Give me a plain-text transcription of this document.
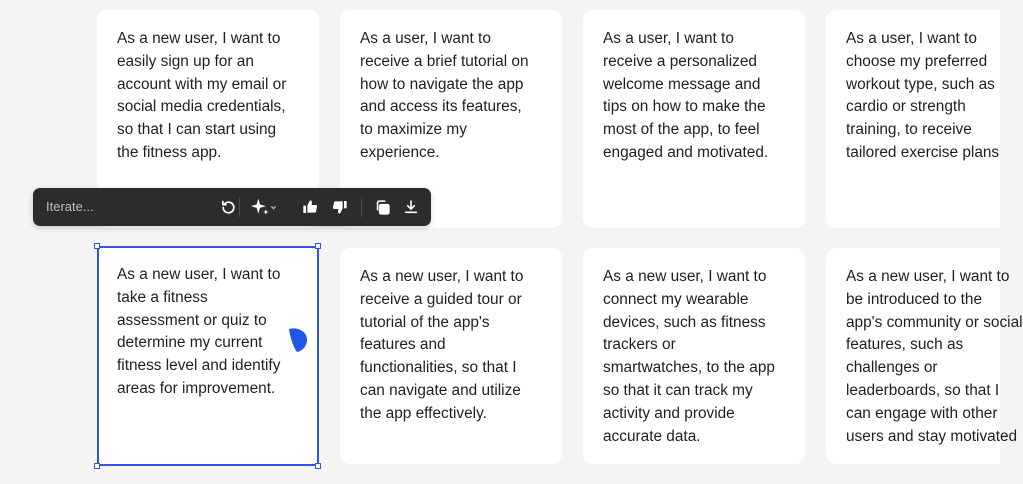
As a new user, I want to
easily sign up for an
account with my email or
social media credentials,
so that I can start using
the fitness app.
As a user, I want to
receive a brief tutorial on
how to navigate the app
and access its features,
to maximize my
experience.
As a user, I want to
receive a personalized
welcome message and
tips on how to make the
most of the app, to feel
engaged and motivated.
As a user, I want to
choose my preferred
workout type, such as
cardio or strength
training, to receive
tailored exercise plans
As a new user, I want to
take a fitness
assessment or quiz to
determine my current
fitness level and identify
areas for improvement.
As a new user, I want to
receive a guided tour or
tutorial of the app's
features and
functionalities, so that I
can navigate and utilize
the app effectively.
As a new user, I want to
connect my wearable
devices, such as fitness
trackers or
smartwatches, to the app
so that it can track my
activity and provide
accurate data.
As a new user, I want to
be introduced to the
app's community or social
features, such as
challenges or
leaderboards, so that I
can engage with other
users and stay motivated
Iterate...
